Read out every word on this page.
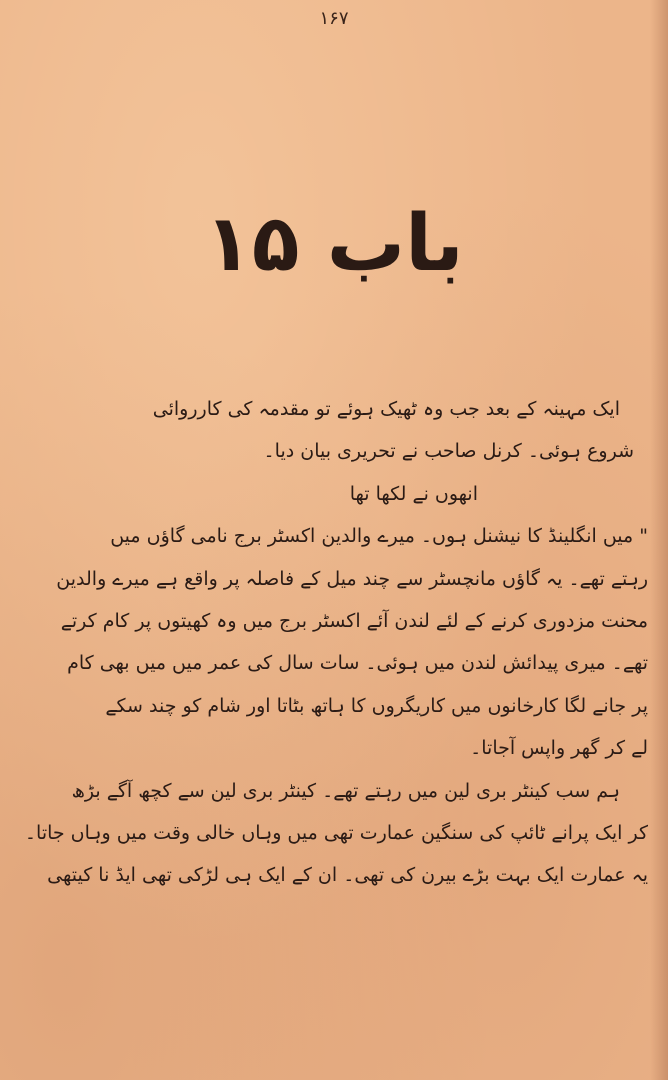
۱۶۷
باب ۱۵
ایک مہینہ کے بعد جب وہ ٹھیک ہوئے تو مقدمہ کی کارروائی
شروع ہوئی۔ کرنل صاحب نے تحریری بیان دیا۔
انھوں نے لکھا تھا
" میں انگلینڈ کا نیشنل ہوں۔ میرے والدین اکسٹر برج نامی گاؤں میں
رہتے تھے۔ یہ گاؤں مانچسٹر سے چند میل کے فاصلہ پر واقع ہے میرے والدین
محنت مزدوری کرنے کے لئے لندن آئے اکسٹر برج میں وہ کھیتوں پر کام کرتے
تھے۔ میری پیدائش لندن میں ہوئی۔ سات سال کی عمر میں میں بھی کام
پر جانے لگا کارخانوں میں کاریگروں کا ہاتھ بٹاتا اور شام کو چند سکے
لے کر گھر واپس آجاتا۔
ہم سب کینٹر بری لین میں رہتے تھے۔ کینٹر بری لین سے کچھ آگے بڑھ
کر ایک پرانے ٹائپ کی سنگین عمارت تھی میں وہاں خالی وقت میں وہاں جاتا۔
یہ عمارت ایک بہت بڑے بیرن کی تھی۔ ان کے ایک ہی لڑکی تھی ایڈ نا کیتھی
